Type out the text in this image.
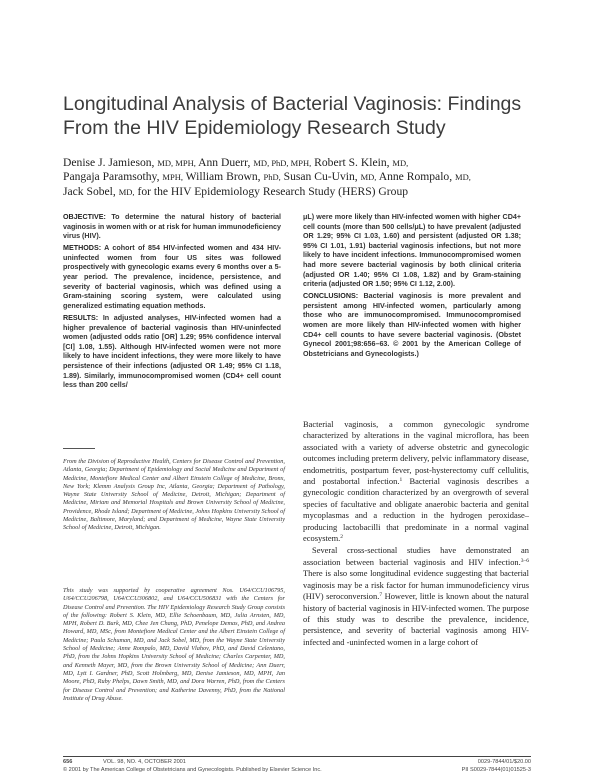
Longitudinal Analysis of Bacterial Vaginosis: Findings
From the HIV Epidemiology Research Study
Denise J. Jamieson, MD, MPH, Ann Duerr, MD, PhD, MPH, Robert S. Klein, MD,
Pangaja Paramsothy, MPH, William Brown, PhD, Susan Cu-Uvin, MD, Anne Rompalo, MD,
Jack Sobel, MD, for the HIV Epidemiology Research Study (HERS) Group

OBJECTIVE: To determine the natural history of bacterial vaginosis in women with or at risk for human immunodeficiency virus (HIV).

METHODS: A cohort of 854 HIV-infected women and 434 HIV-uninfected women from four US sites was followed prospectively with gynecologic exams every 6 months over a 5-year period. The prevalence, incidence, persistence, and severity of bacterial vaginosis, which was defined using a Gram-staining scoring system, were calculated using generalized estimating equation methods.

RESULTS: In adjusted analyses, HIV-infected women had a higher prevalence of bacterial vaginosis than HIV-uninfected women (adjusted odds ratio [OR] 1.29; 95% confidence interval [CI] 1.08, 1.55). Although HIV-infected women were not more likely to have incident infections, they were more likely to have persistence of their infections (adjusted OR 1.49; 95% CI 1.18, 1.89). Similarly, immunocompromised women (CD4+ cell count less than 200 cells/

μL) were more likely than HIV-infected women with higher CD4+ cell counts (more than 500 cells/μL) to have prevalent (adjusted OR 1.29; 95% CI 1.03, 1.60) and persistent (adjusted OR 1.38; 95% CI 1.01, 1.91) bacterial vaginosis infections, but not more likely to have incident infections. Immunocompromised women had more severe bacterial vaginosis by both clinical criteria (adjusted OR 1.40; 95% CI 1.08, 1.82) and by Gram-staining criteria (adjusted OR 1.50; 95% CI 1.12, 2.00).

CONCLUSIONS: Bacterial vaginosis is more prevalent and persistent among HIV-infected women, particularly among those who are immunocompromised. Immunocompromised women are more likely than HIV-infected women with higher CD4+ cell counts to have severe bacterial vaginosis. (Obstet Gynecol 2001;98:656–63. © 2001 by the American College of Obstetricians and Gynecologists.)

From the Division of Reproductive Health, Centers for Disease Control and Prevention, Atlanta, Georgia; Department of Epidemiology and Social Medicine and Department of Medicine, Montefiore Medical Center and Albert Einstein College of Medicine, Bronx, New York; Klemm Analysis Group Inc, Atlanta, Georgia; Department of Pathology, Wayne State University School of Medicine, Detroit, Michigan; Department of Medicine, Miriam and Memorial Hospitals and Brown University School of Medicine, Providence, Rhode Island; Department of Medicine, Johns Hopkins University School of Medicine, Baltimore, Maryland; and Department of Medicine, Wayne State University School of Medicine, Detroit, Michigan.
This study was supported by cooperative agreement Nos. U64/CCU106795, U64/CCU206798, U64/CCU306802, and U64/CCU506831 with the Centers for Disease Control and Prevention. The HIV Epidemiology Research Study Group consists of the following: Robert S. Klein, MD, Ellie Schoenbaum, MD, Julia Arnsten, MD, MPH, Robert D. Burk, MD, Chee Jen Chang, PhD, Penelope Demas, PhD, and Andrea Howard, MD, MSc, from Montefiore Medical Center and the Albert Einstein College of Medicine; Paula Schuman, MD, and Jack Sobel, MD, from the Wayne State University School of Medicine; Anne Rompalo, MD, David Vlahov, PhD, and David Celentano, PhD, from the Johns Hopkins University School of Medicine; Charles Carpenter, MD, and Kenneth Mayer, MD, from the Brown University School of Medicine; Ann Duerr, MD, Lytt I. Gardner, PhD, Scott Holmberg, MD, Denise Jamieson, MD, MPH, Jan Moore, PhD, Ruby Phelps, Dawn Smith, MD, and Dora Warren, PhD, from the Centers for Disease Control and Prevention; and Katherine Davenny, PhD, from the National Institute of Drug Abuse.

Bacterial vaginosis, a common gynecologic syndrome characterized by alterations in the vaginal microflora, has been associated with a variety of adverse obstetric and gynecologic outcomes including preterm delivery, pelvic inflammatory disease, endometritis, postpartum fever, post-hysterectomy cuff cellulitis, and postabortal infection.$^1$ Bacterial vaginosis describes a gynecologic condition characterized by an overgrowth of several species of facultative and obligate anaerobic bacteria and genital mycoplasmas and a reduction in the hydrogen peroxidase–producing lactobacilli that predominate in a normal vaginal ecosystem.$^2$

Several cross-sectional studies have demonstrated an association between bacterial vaginosis and HIV infection.$^{3-6}$ There is also some longitudinal evidence suggesting that bacterial vaginosis may be a risk factor for human immunodeficiency virus (HIV) seroconversion.$^7$ However, little is known about the natural history of bacterial vaginosis in HIV-infected women. The purpose of this study was to describe the prevalence, incidence, persistence, and severity of bacterial vaginosis among HIV-infected and -uninfected women in a large cohort of

656	VOL. 98, NO. 4, OCTOBER 2001
© 2001 by The American College of Obstetricians and Gynecologists. Published by Elsevier Science Inc.
0029-7844/01/$20.00
PII S0029-7844(01)01525-3
